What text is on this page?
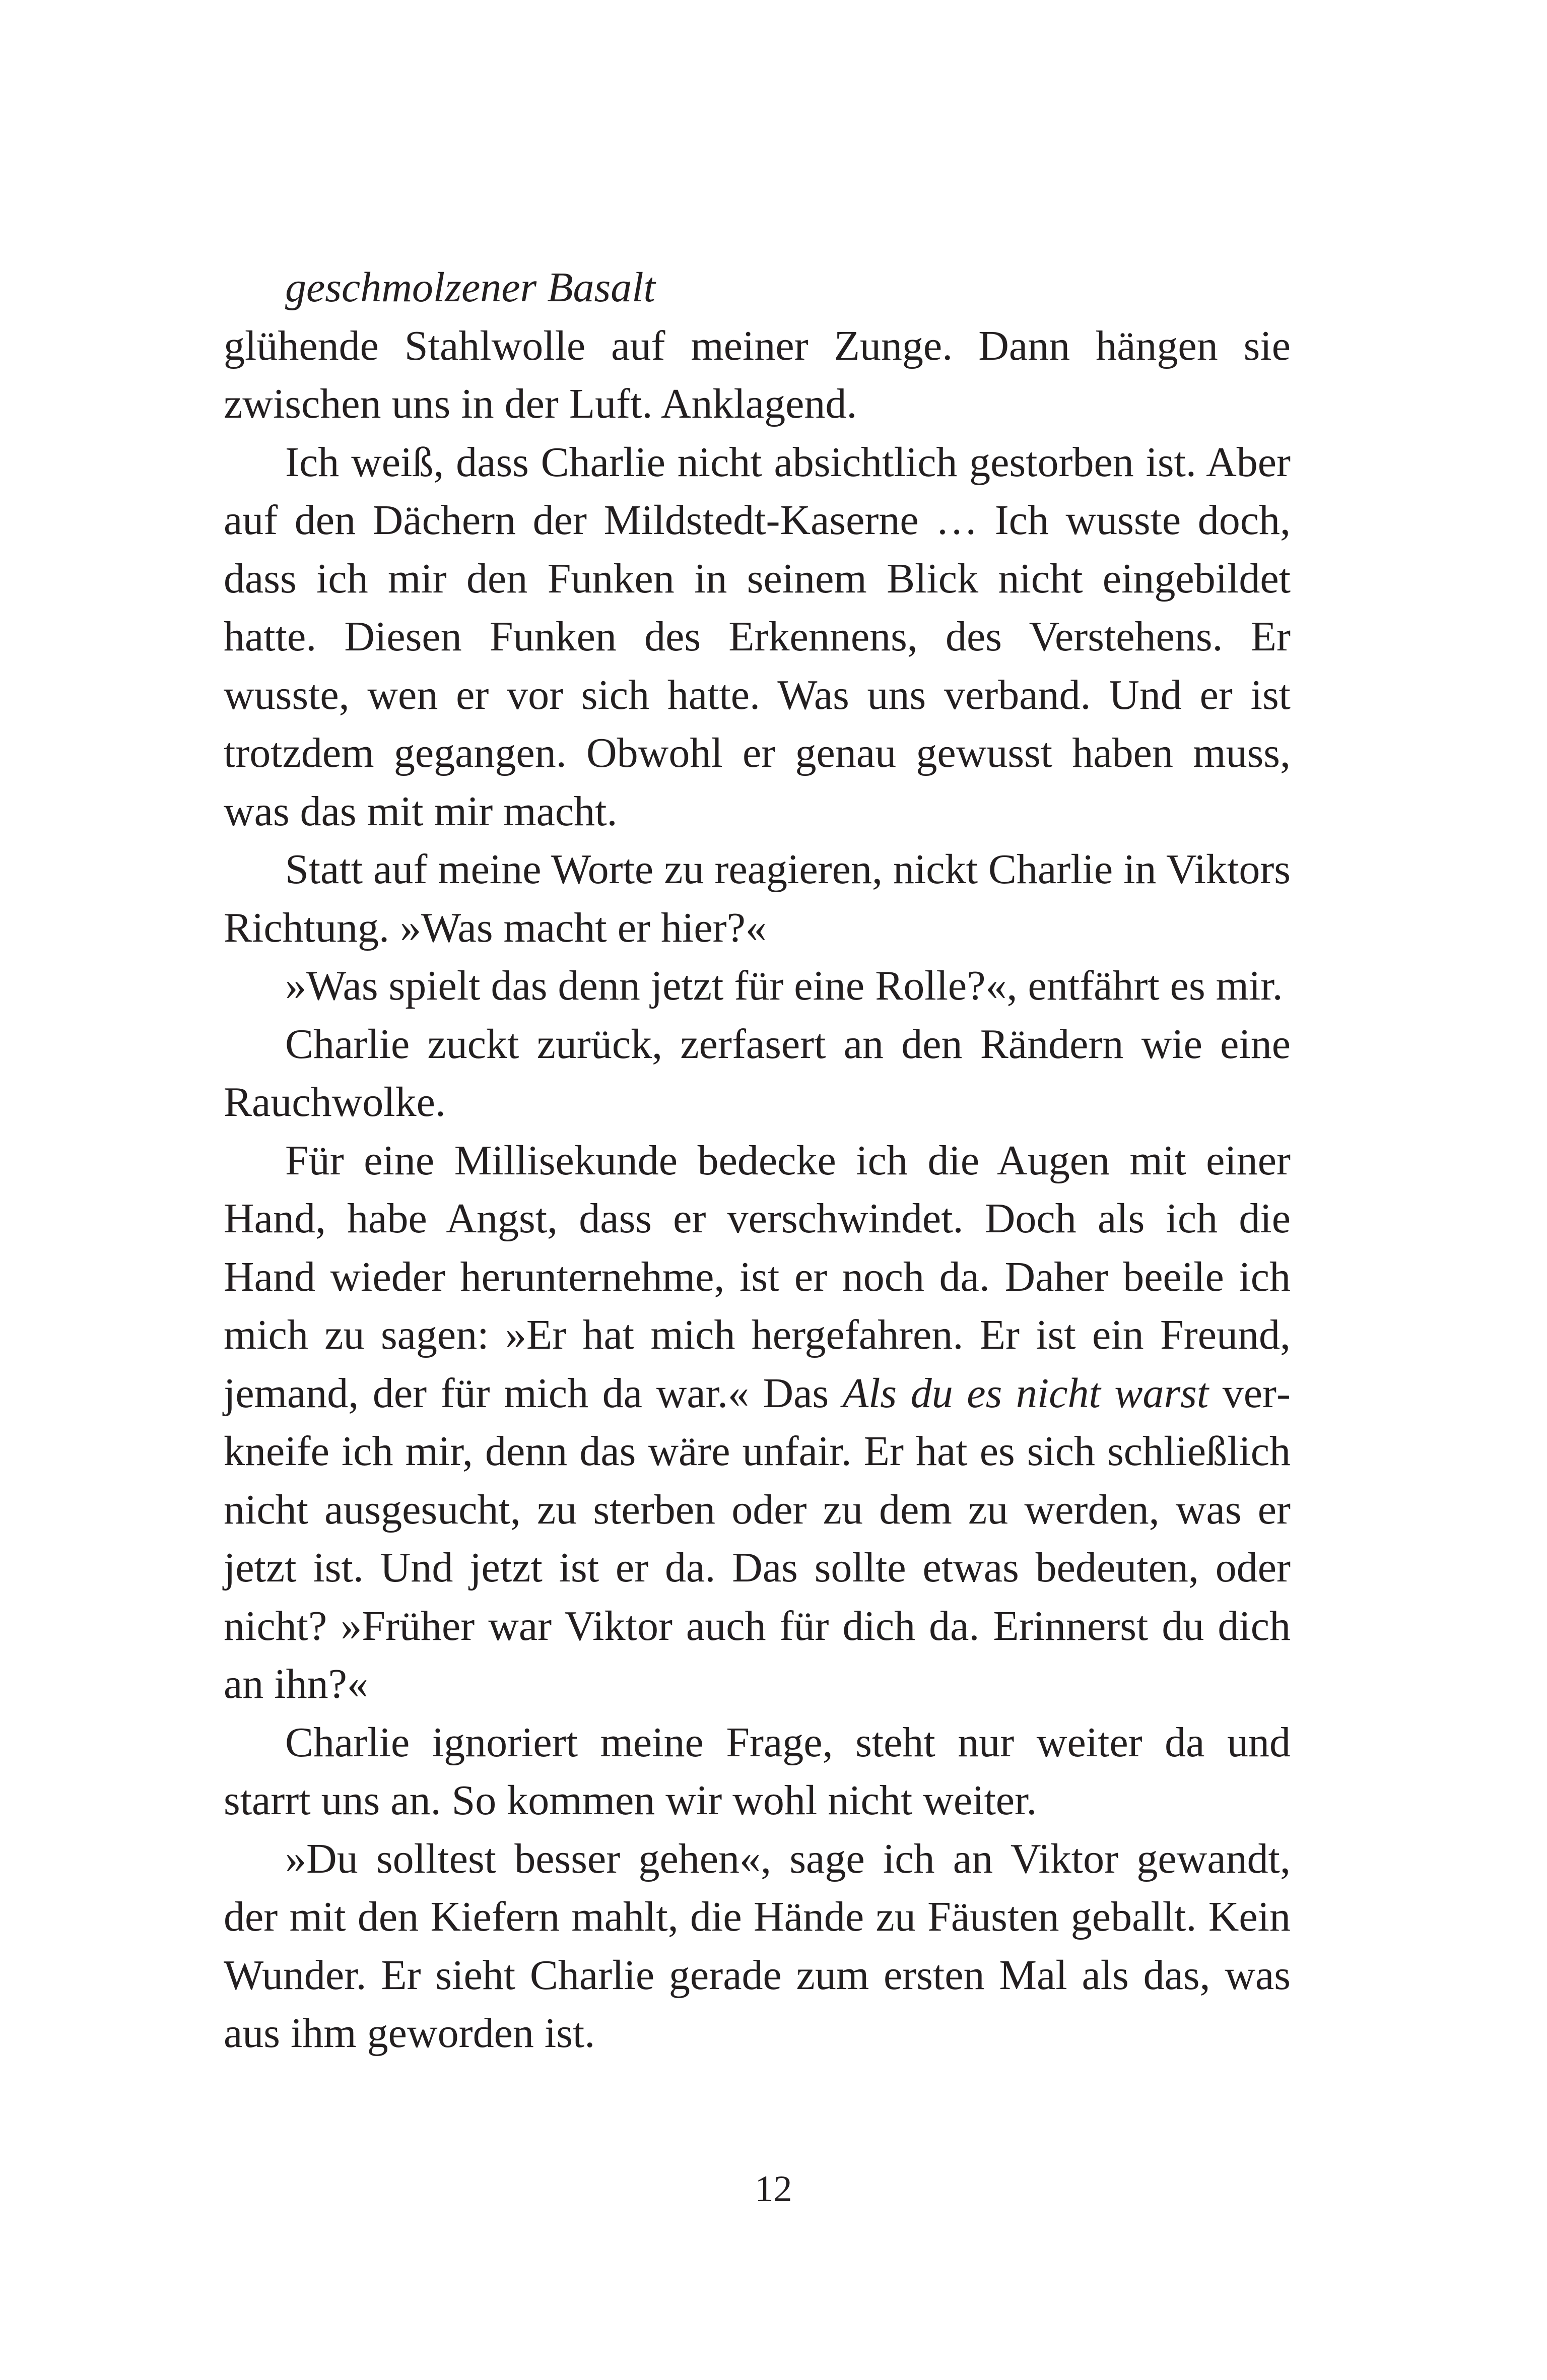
geschmolzener Basalt

glühende Stahlwolle auf meiner Zunge. Dann hängen sie zwischen uns in der Luft. Anklagend.

Ich weiß, dass Charlie nicht absichtlich gestorben ist. Aber auf den Dächern der Mildstedt-Kaserne … Ich wusste doch, dass ich mir den Funken in seinem Blick nicht eingebildet hatte. Diesen Funken des Erkennens, des Verstehens. Er wusste, wen er vor sich hatte. Was uns verband. Und er ist trotzdem gegangen. Obwohl er genau gewusst haben muss, was das mit mir macht.

Statt auf meine Worte zu reagieren, nickt Charlie in Viktors Richtung. »Was macht er hier?«

»Was spielt das denn jetzt für eine Rolle?«, entfährt es mir.

Charlie zuckt zurück, zerfasert an den Rändern wie eine Rauchwolke.

Für eine Millisekunde bedecke ich die Augen mit einer Hand, habe Angst, dass er verschwindet. Doch als ich die Hand wieder herunternehme, ist er noch da. Daher beeile ich mich zu sagen: »Er hat mich hergefahren. Er ist ein Freund, jemand, der für mich da war.« Das Als du es nicht warst verkneife ich mir, denn das wäre unfair. Er hat es sich schließlich nicht ausgesucht, zu sterben oder zu dem zu werden, was er jetzt ist. Und jetzt ist er da. Das sollte etwas bedeuten, oder nicht? »Früher war Viktor auch für dich da. Erinnerst du dich an ihn?«

Charlie ignoriert meine Frage, steht nur weiter da und starrt uns an. So kommen wir wohl nicht weiter.

»Du solltest besser gehen«, sage ich an Viktor gewandt, der mit den Kiefern mahlt, die Hände zu Fäusten geballt. Kein Wunder. Er sieht Charlie gerade zum ersten Mal als das, was aus ihm geworden ist.

12
